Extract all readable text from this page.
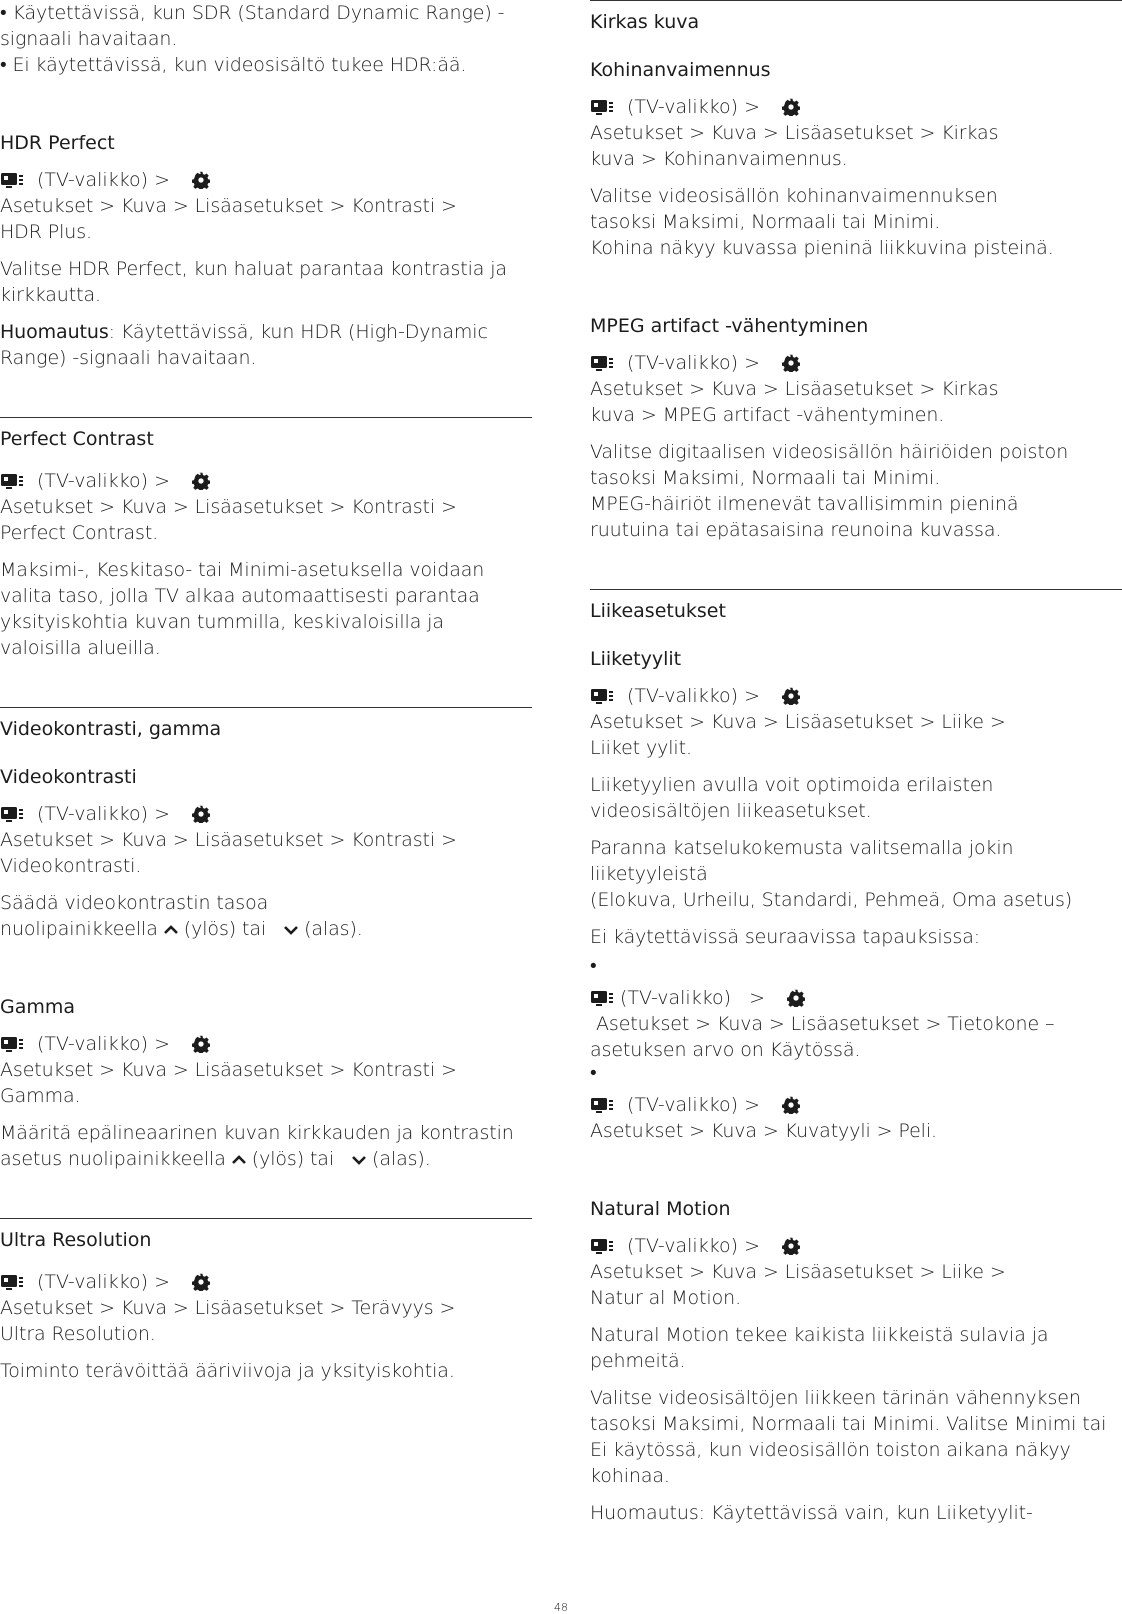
• Käytettävissä, kun SDR (Standard Dynamic Range) -signaali havaitaan.

• Ei käytettävissä, kun videosisältö tukee HDR:ää.

HDR Perfect

(TV-valikko) >

Asetukset > Kuva > Lisäasetukset > Kontrasti > HDR Plus.

Valitse HDR Perfect, kun haluat parantaa kontrastia ja kirkkautta.

Huomautus: Käytettävissä, kun HDR (High-Dynamic Range) -signaali havaitaan.

Perfect Contrast

(TV-valikko) >

Asetukset > Kuva > Lisäasetukset > Kontrasti > Perfect Contrast.

Maksimi-, Keskitaso- tai Minimi-asetuksella voidaan valita taso, jolla TV alkaa automaattisesti parantaa yksityiskohtia kuvan tummilla, keskivaloisilla ja valoisilla alueilla.

Videokontrasti, gamma

Videokontrasti

(TV-valikko) >

Asetukset > Kuva > Lisäasetukset > Kontrasti > Videokontrasti.

Säädä videokontrastin tasoa

nuolipainikkeella (ylös) tai (alas).

Gamma

(TV-valikko) >

Asetukset > Kuva > Lisäasetukset > Kontrasti > Gamma.

Määritä epälineaarinen kuvan kirkkauden ja kontrastin

asetus nuolipainikkeella (ylös) tai (alas).

Ultra Resolution

(TV-valikko) >

Asetukset > Kuva > Lisäasetukset > Terävyys > Ultra Resolution.

Toiminto terävöittää ääriviivoja ja yksityiskohtia.

Kirkas kuva

Kohinanvaimennus

(TV-valikko) >

Asetukset > Kuva > Lisäasetukset > Kirkas kuva > Kohinanvaimennus.

Valitse videosisällön kohinanvaimennuksen tasoksi Maksimi, Normaali tai Minimi.

Kohina näkyy kuvassa pieninä liikkuvina pisteinä.

MPEG artifact -vähentyminen

(TV-valikko) >

Asetukset > Kuva > Lisäasetukset > Kirkas kuva > MPEG artifact -vähentyminen.

Valitse digitaalisen videosisällön häiriöiden poiston tasoksi Maksimi, Normaali tai Minimi.

MPEG-häiriöt ilmenevät tavallisimmin pieninä ruutuina tai epätasaisina reunoina kuvassa.

Liikeasetukset

Liiketyylit

(TV-valikko) >

Asetukset > Kuva > Lisäasetukset > Liike > Liiket yylit.

Liiketyylien avulla voit optimoida erilaisten videosisältöjen liikeasetukset.

Paranna katselukokemusta valitsemalla jokin liiketyyleistä

(Elokuva, Urheilu, Standardi, Pehmeä, Oma asetus)

Ei käytettävissä seuraavissa tapauksissa:

•

(TV-valikko)   >

Asetukset > Kuva > Lisäasetukset > Tietokone – asetuksen arvo on Käytössä.

•

(TV-valikko) >

Asetukset > Kuva > Kuvatyyli > Peli.

Natural Motion

(TV-valikko) >

Asetukset > Kuva > Lisäasetukset > Liike > Natur al Motion.

Natural Motion tekee kaikista liikkeistä sulavia ja pehmeitä.

Valitse videosisältöjen liikkeen tärinän vähennyksen tasoksi Maksimi, Normaali tai Minimi. Valitse Minimi tai Ei käytössä, kun videosisällön toiston aikana näkyy kohinaa.

Huomautus: Käytettävissä vain, kun Liiketyylit-

48
